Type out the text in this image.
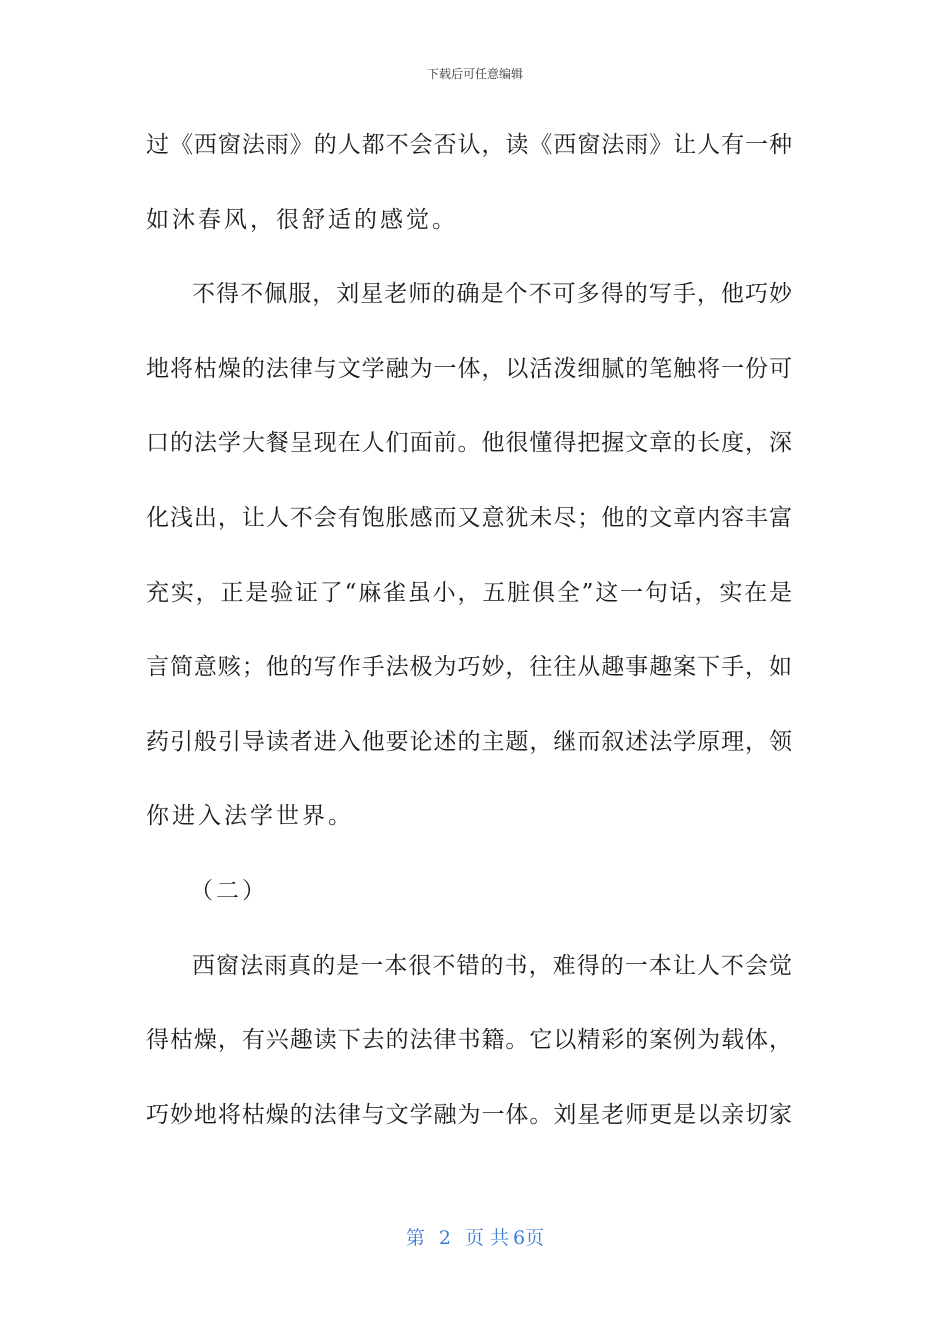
下载后可任意编辑
过《西窗法雨》的人都不会否认，读《西窗法雨》让人有一种
如沐春风，很舒适的感觉。
不得不佩服，刘星老师的确是个不可多得的写手，他巧妙
地将枯燥的法律与文学融为一体，以活泼细腻的笔触将一份可
口的法学大餐呈现在人们面前。他很懂得把握文章的长度，深
化浅出，让人不会有饱胀感而又意犹未尽；他的文章内容丰富
充实，正是验证了“麻雀虽小，五脏俱全”这一句话，实在是
言简意赅；他的写作手法极为巧妙，往往从趣事趣案下手，如
药引般引导读者进入他要论述的主题，继而叙述法学原理，领
你进入法学世界。
（二）
西窗法雨真的是一本很不错的书，难得的一本让人不会觉
得枯燥，有兴趣读下去的法律书籍。它以精彩的案例为载体，
巧妙地将枯燥的法律与文学融为一体。刘星老师更是以亲切家
第 2 页 共 6页
